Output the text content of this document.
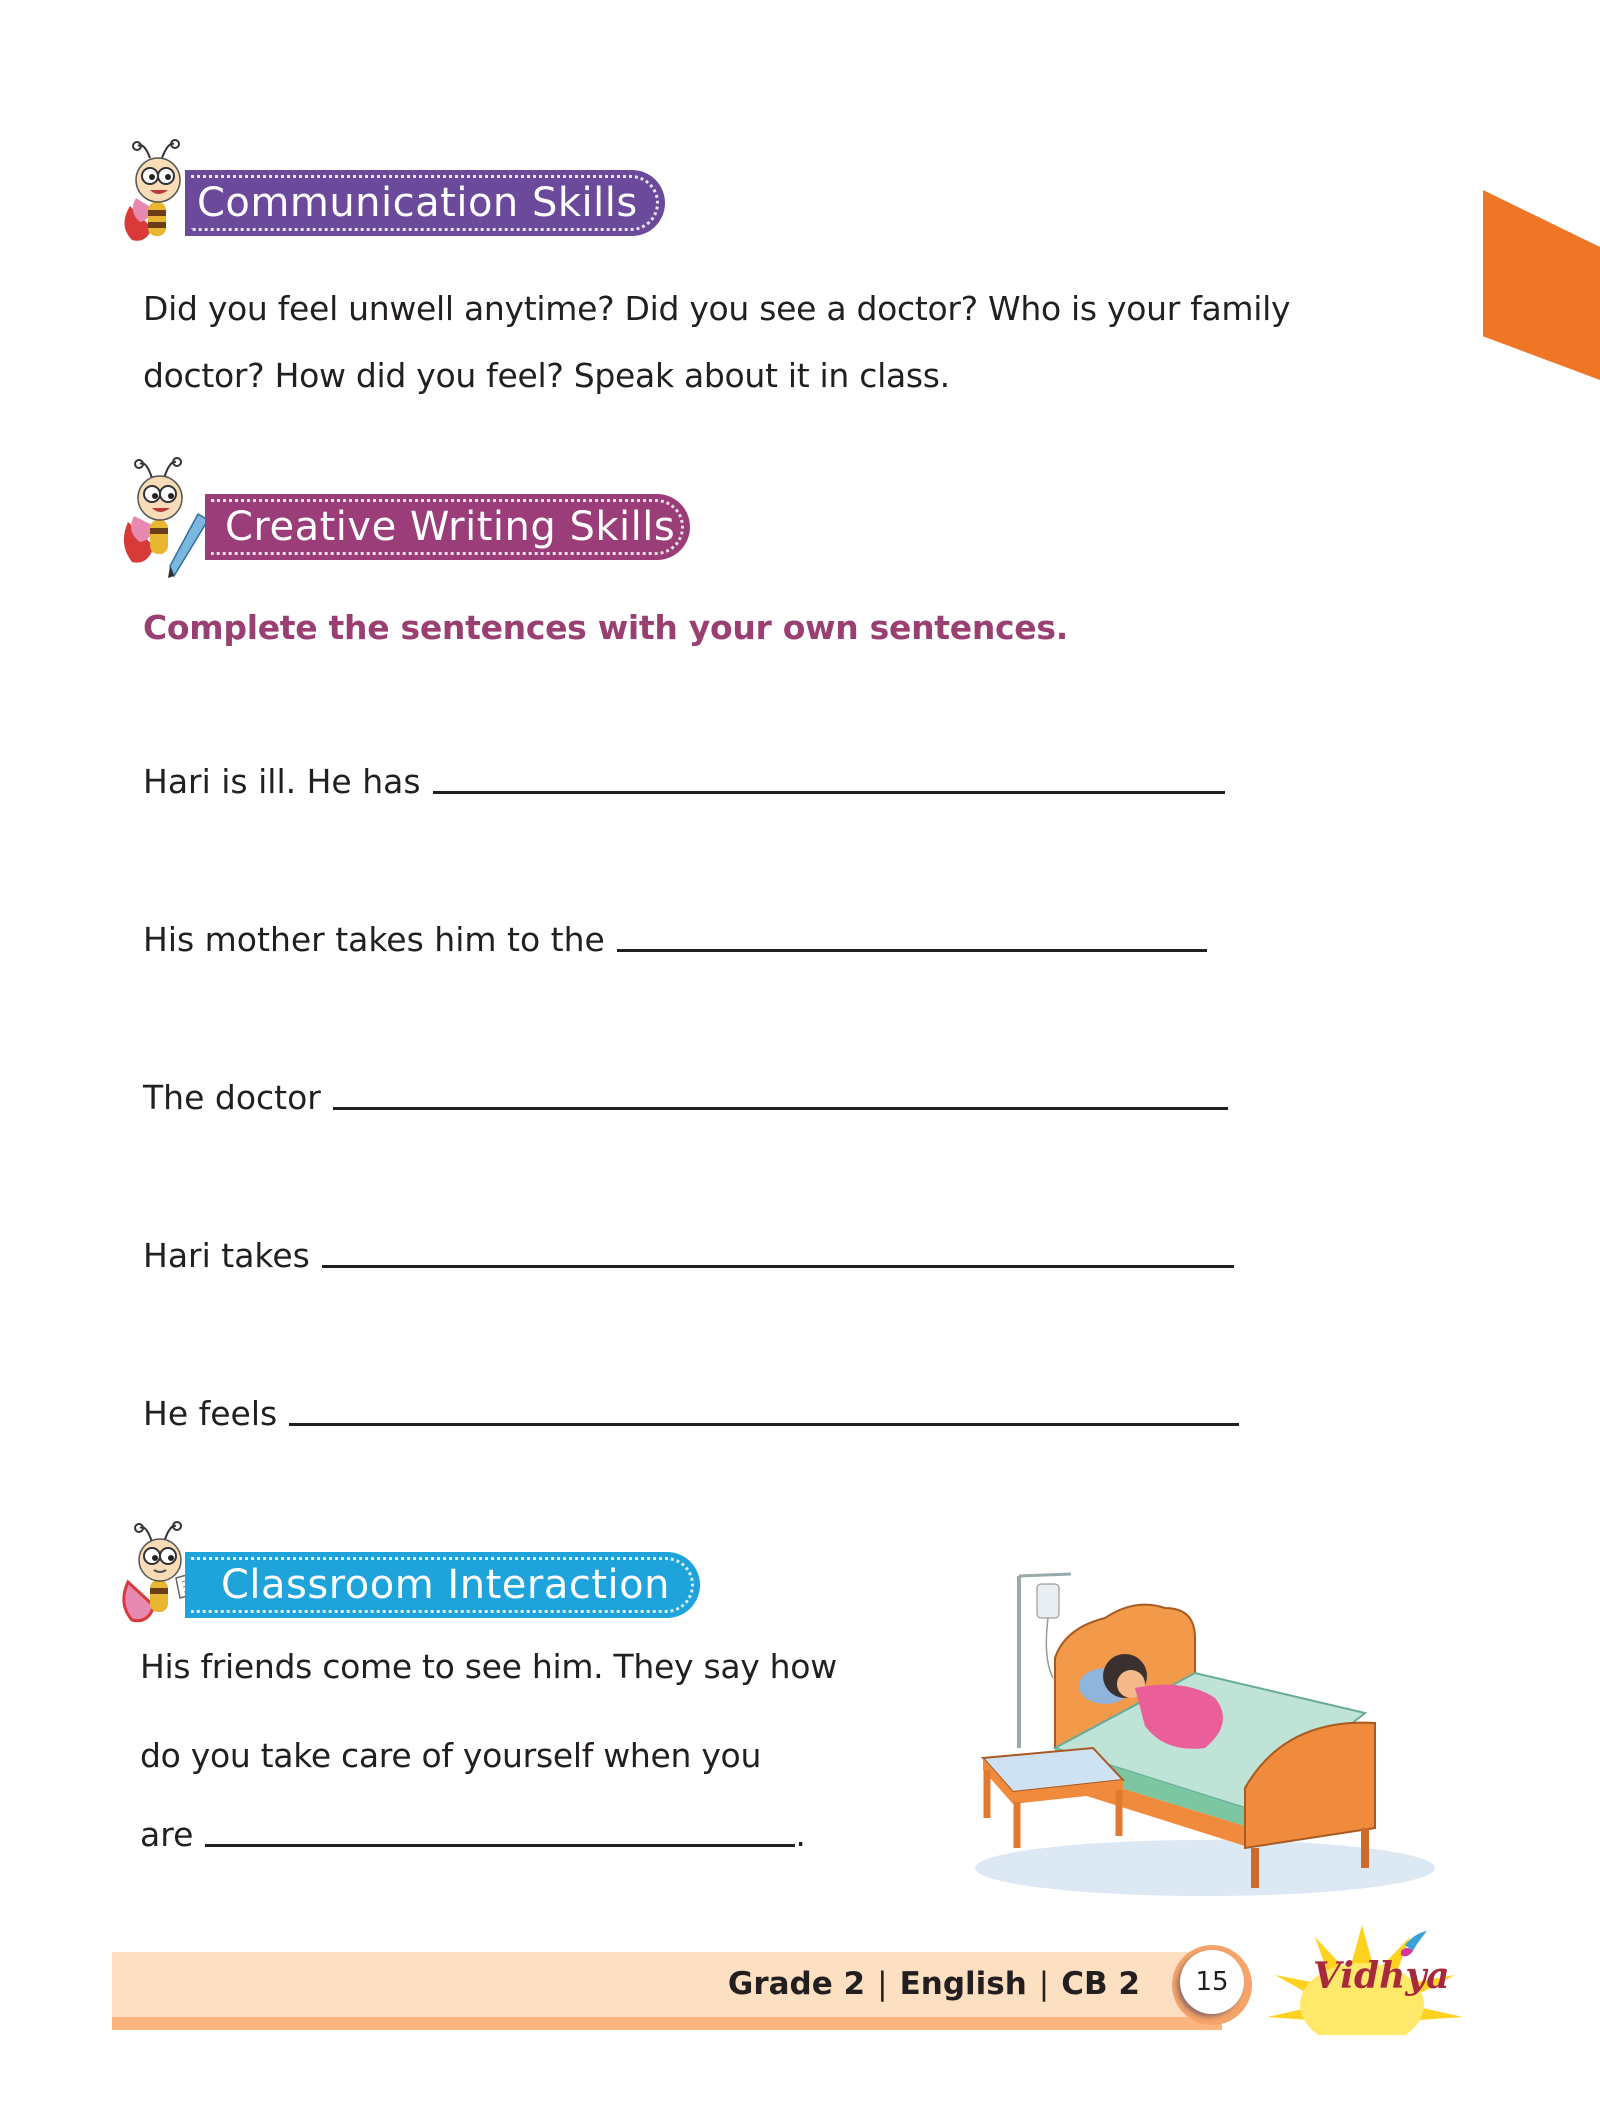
Communication Skills
Did you feel unwell anytime? Did you see a doctor? Who is your family
doctor? How did you feel? Speak about it in class.
Creative Writing Skills
Complete the sentences with your own sentences.
Hari is ill. He has
His mother takes him to the
The doctor
Hari takes
He feels
Classroom Interaction
His friends come to see him. They say how
do you take care of yourself when you
are	.
Grade 2 | English | CB 2	15	Vidhya
